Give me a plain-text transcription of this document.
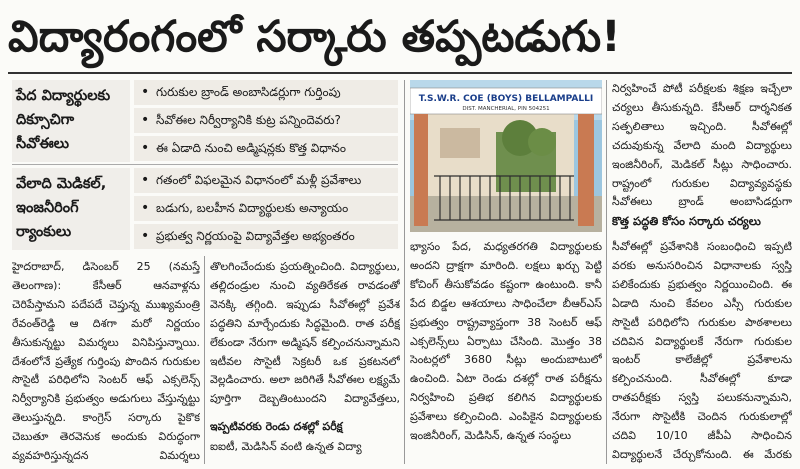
విద్యారంగంలో సర్కారు తప్పటడుగు!
పేద విద్యార్థులకు దిక్సూచిగా సీవోఈలు
వేలాది మెడికల్, ఇంజనీరింగ్ ర్యాంకులు
• గురుకుల బ్రాండ్ అంబాసిడర్లుగా గుర్తింపు
• సీవోఈల నిర్వీర్యానికి కుట్ర పన్నిందెవరు?
• ఈ ఏడాది నుంచి అడ్మిషన్లకు కొత్త విధానం
• గతంలో విఫలమైన విధానంలో మళ్లీ ప్రవేశాలు
• బడుగు, బలహీన విద్యార్థులకు అన్యాయం
• ప్రభుత్వ నిర్ణయంపై విద్యావేత్తల అభ్యంతరం
T.S.W.R. COE (BOYS) BELLAMPALLI
DIST. MANCHERIAL, PIN 504251

హైదరాబాద్, డిసెంబర్ 25 (నమస్తే తెలంగాణ): కేసీఆర్ ఆనవాళ్లను చెరిపేస్తామని పదేపదే చెప్తున్న ముఖ్యమంత్రి రేవంత్‌రెడ్డి ఆ దిశగా మరో నిర్ణయం తీసుకున్నట్టు విమర్శలు వినిపిస్తున్నాయి. దేశంలోనే ప్రత్యేక గుర్తింపు పొందిన గురుకుల సొసైటీ పరిధిలోని సెంటర్ ఆఫ్ ఎక్సలెన్స్ నిర్వీర్యానికి ప్రభుత్వం అడుగులు వేస్తున్నట్టు తెలుస్తున్నది. కాంగ్రెస్ సర్కారు పైకొక చెబుతూ తెరవెనుక అందుకు విరుద్ధంగా వ్యవహరిస్తున్నదన విమర్శలు

తొలగించేందుకు ప్రయత్నించింది. విద్యార్థులు, తల్లిదండ్రుల నుంచి వ్యతిరేకత రావడంతో వెనక్కి తగ్గింది. ఇప్పుడు సీవోఈల్లో ప్రవేశ పద్ధతిని మార్చేందుకు సిద్ధమైంది. రాత పరీక్ష లేకుండా నేరుగా అడ్మిషన్ కల్పించనున్నామని ఇటీవల సొసైటీ సెక్రటరీ ఒక ప్రకటనలో వెల్లడించారు. అలా జరిగితే సీవోఈల లక్ష్యమే పూర్తిగా దెబ్బతింటుందని విద్యావేత్తలు,

ఇప్పటివరకు రెండు దశల్లో పరీక్ష

ఐఐటీ, మెడిసిన్ వంటి ఉన్నత విద్యా

భ్యాసం పేద, మధ్యతరగతి విద్యార్థులకు అందని ద్రాక్షగా మారింది. లక్షలు ఖర్చు పెట్టి కోచింగ్ తీసుకోవడం కష్టంగా ఉంటుంది. కానీ పేద బిడ్డల ఆశయాలు సాధించేలా బీఆర్‌ఎస్ ప్రభుత్వం రాష్ట్రవ్యాప్తంగా 38 సెంటర్ ఆఫ్ ఎక్సలెన్స్‌లు ఏర్పాటు చేసింది. మొత్తం 38 సెంటర్లలో 3680 సీట్లు అందుబాటులో ఉంచింది. ఏటా రెండు దశల్లో రాత పరీక్షను నిర్వహించి ప్రతిభ కలిగిన విద్యార్థులకు ప్రవేశాలు కల్పించింది. ఎంపికైన విద్యార్థులకు ఇంజినీరింగ్, మెడిసిన్, ఉన్నత సంస్థలు

నిర్వహించే పోటీ పరీక్షలకు శిక్షణ ఇచ్చేలా చర్యలు తీసుకున్నది. కేసీఆర్ దార్శనికత సత్ఫలితాలు ఇచ్చింది. సీవోఈల్లో చదువుకున్న వేలాది మంది విద్యార్థులు ఇంజినీరింగ్, మెడికల్ సీట్లు సాధించారు. రాష్ట్రంలో గురుకుల విద్యావ్యవస్థకు సీవోఈలు బ్రాండ్ అంబాసిడర్లుగా

కొత్త పద్ధతి కోసం సర్కారు చర్యలు

సీవోఈల్లో ప్రవేశానికి సంబంధించి ఇప్పటి వరకు అనుసరించిన విధానాలకు స్వస్తి పలికేందుకు ప్రభుత్వం నిర్ణయించింది. ఈ ఏడాది నుంచి కేవలం ఎస్సీ గురుకుల సొసైటీ పరిధిలోని గురుకుల పాఠశాలలు చదివిన విద్యార్థులకే నేరుగా గురుకుల ఇంటర్ కాలేజీల్లో ప్రవేశాలను కల్పించనుంది. సీవోఈల్లో కూడా రాతపరీక్షకు స్వస్తి పలుకనున్నామని, నేరుగా సొసైటీకి చెందిన గురుకులాల్లో చదివి 10/10 జీపీఏ సాధించిన విద్యార్థులనే చేర్చుకోనుంది. ఈ మేరకు
